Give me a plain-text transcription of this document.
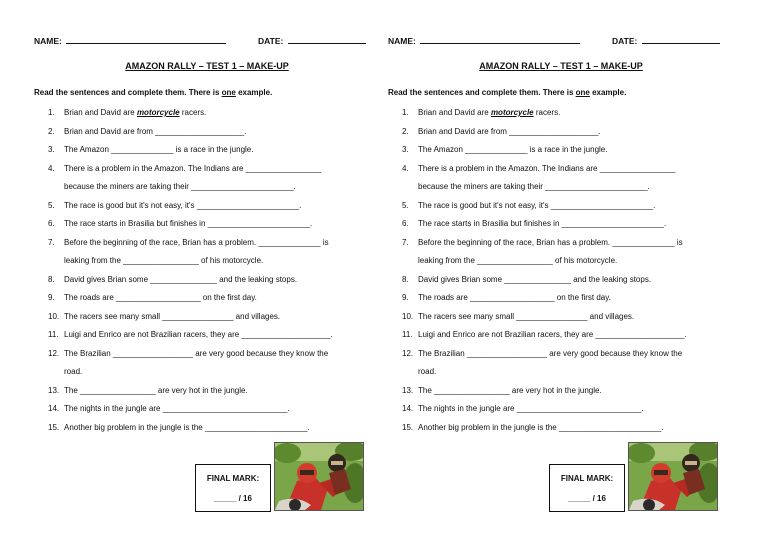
NAME:	DATE:
AMAZON RALLY – TEST 1 – MAKE-UP
Read the sentences and complete them. There is one example.
1.	Brian and David are motorcycle racers.
2.	Brian and David are from ____________________.
3.	The Amazon ______________ is a race in the jungle.
4.	There is a problem in the Amazon. The Indians are _________________
because the miners are taking their _______________________.
5.	The race is good but it's not easy, it's _______________________.
6.	The race starts in Brasilia but finishes in _______________________.
7.	Before the beginning of the race, Brian has a problem. ______________ is
leaking from the _________________ of his motorcycle.
8.	David gives Brian some _______________ and the leaking stops.
9.	The roads are ___________________ on the first day.
10. The racers see many small ________________ and villages.
11. Luigi and Enrico are not Brazilian racers, they are ____________________.
12. The Brazilian __________________ are very good because they know the
road.
13. The _________________ are very hot in the jungle.
14. The nights in the jungle are ____________________________.
15. Another big problem in the jungle is the _______________________.
FINAL MARK:
_____ / 16
NAME:	DATE:
AMAZON RALLY – TEST 1 – MAKE-UP
Read the sentences and complete them. There is one example.
1.	Brian and David are motorcycle racers.
2.	Brian and David are from ____________________.
3.	The Amazon ______________ is a race in the jungle.
4.	There is a problem in the Amazon. The Indians are _________________
because the miners are taking their _______________________.
5.	The race is good but it's not easy, it's _______________________.
6.	The race starts in Brasilia but finishes in _______________________.
7.	Before the beginning of the race, Brian has a problem. ______________ is
leaking from the _________________ of his motorcycle.
8.	David gives Brian some _______________ and the leaking stops.
9.	The roads are ___________________ on the first day.
10. The racers see many small ________________ and villages.
11. Luigi and Enrico are not Brazilian racers, they are ____________________.
12. The Brazilian __________________ are very good because they know the
road.
13. The _________________ are very hot in the jungle.
14. The nights in the jungle are ____________________________.
15. Another big problem in the jungle is the _______________________.
FINAL MARK:
_____ / 16
